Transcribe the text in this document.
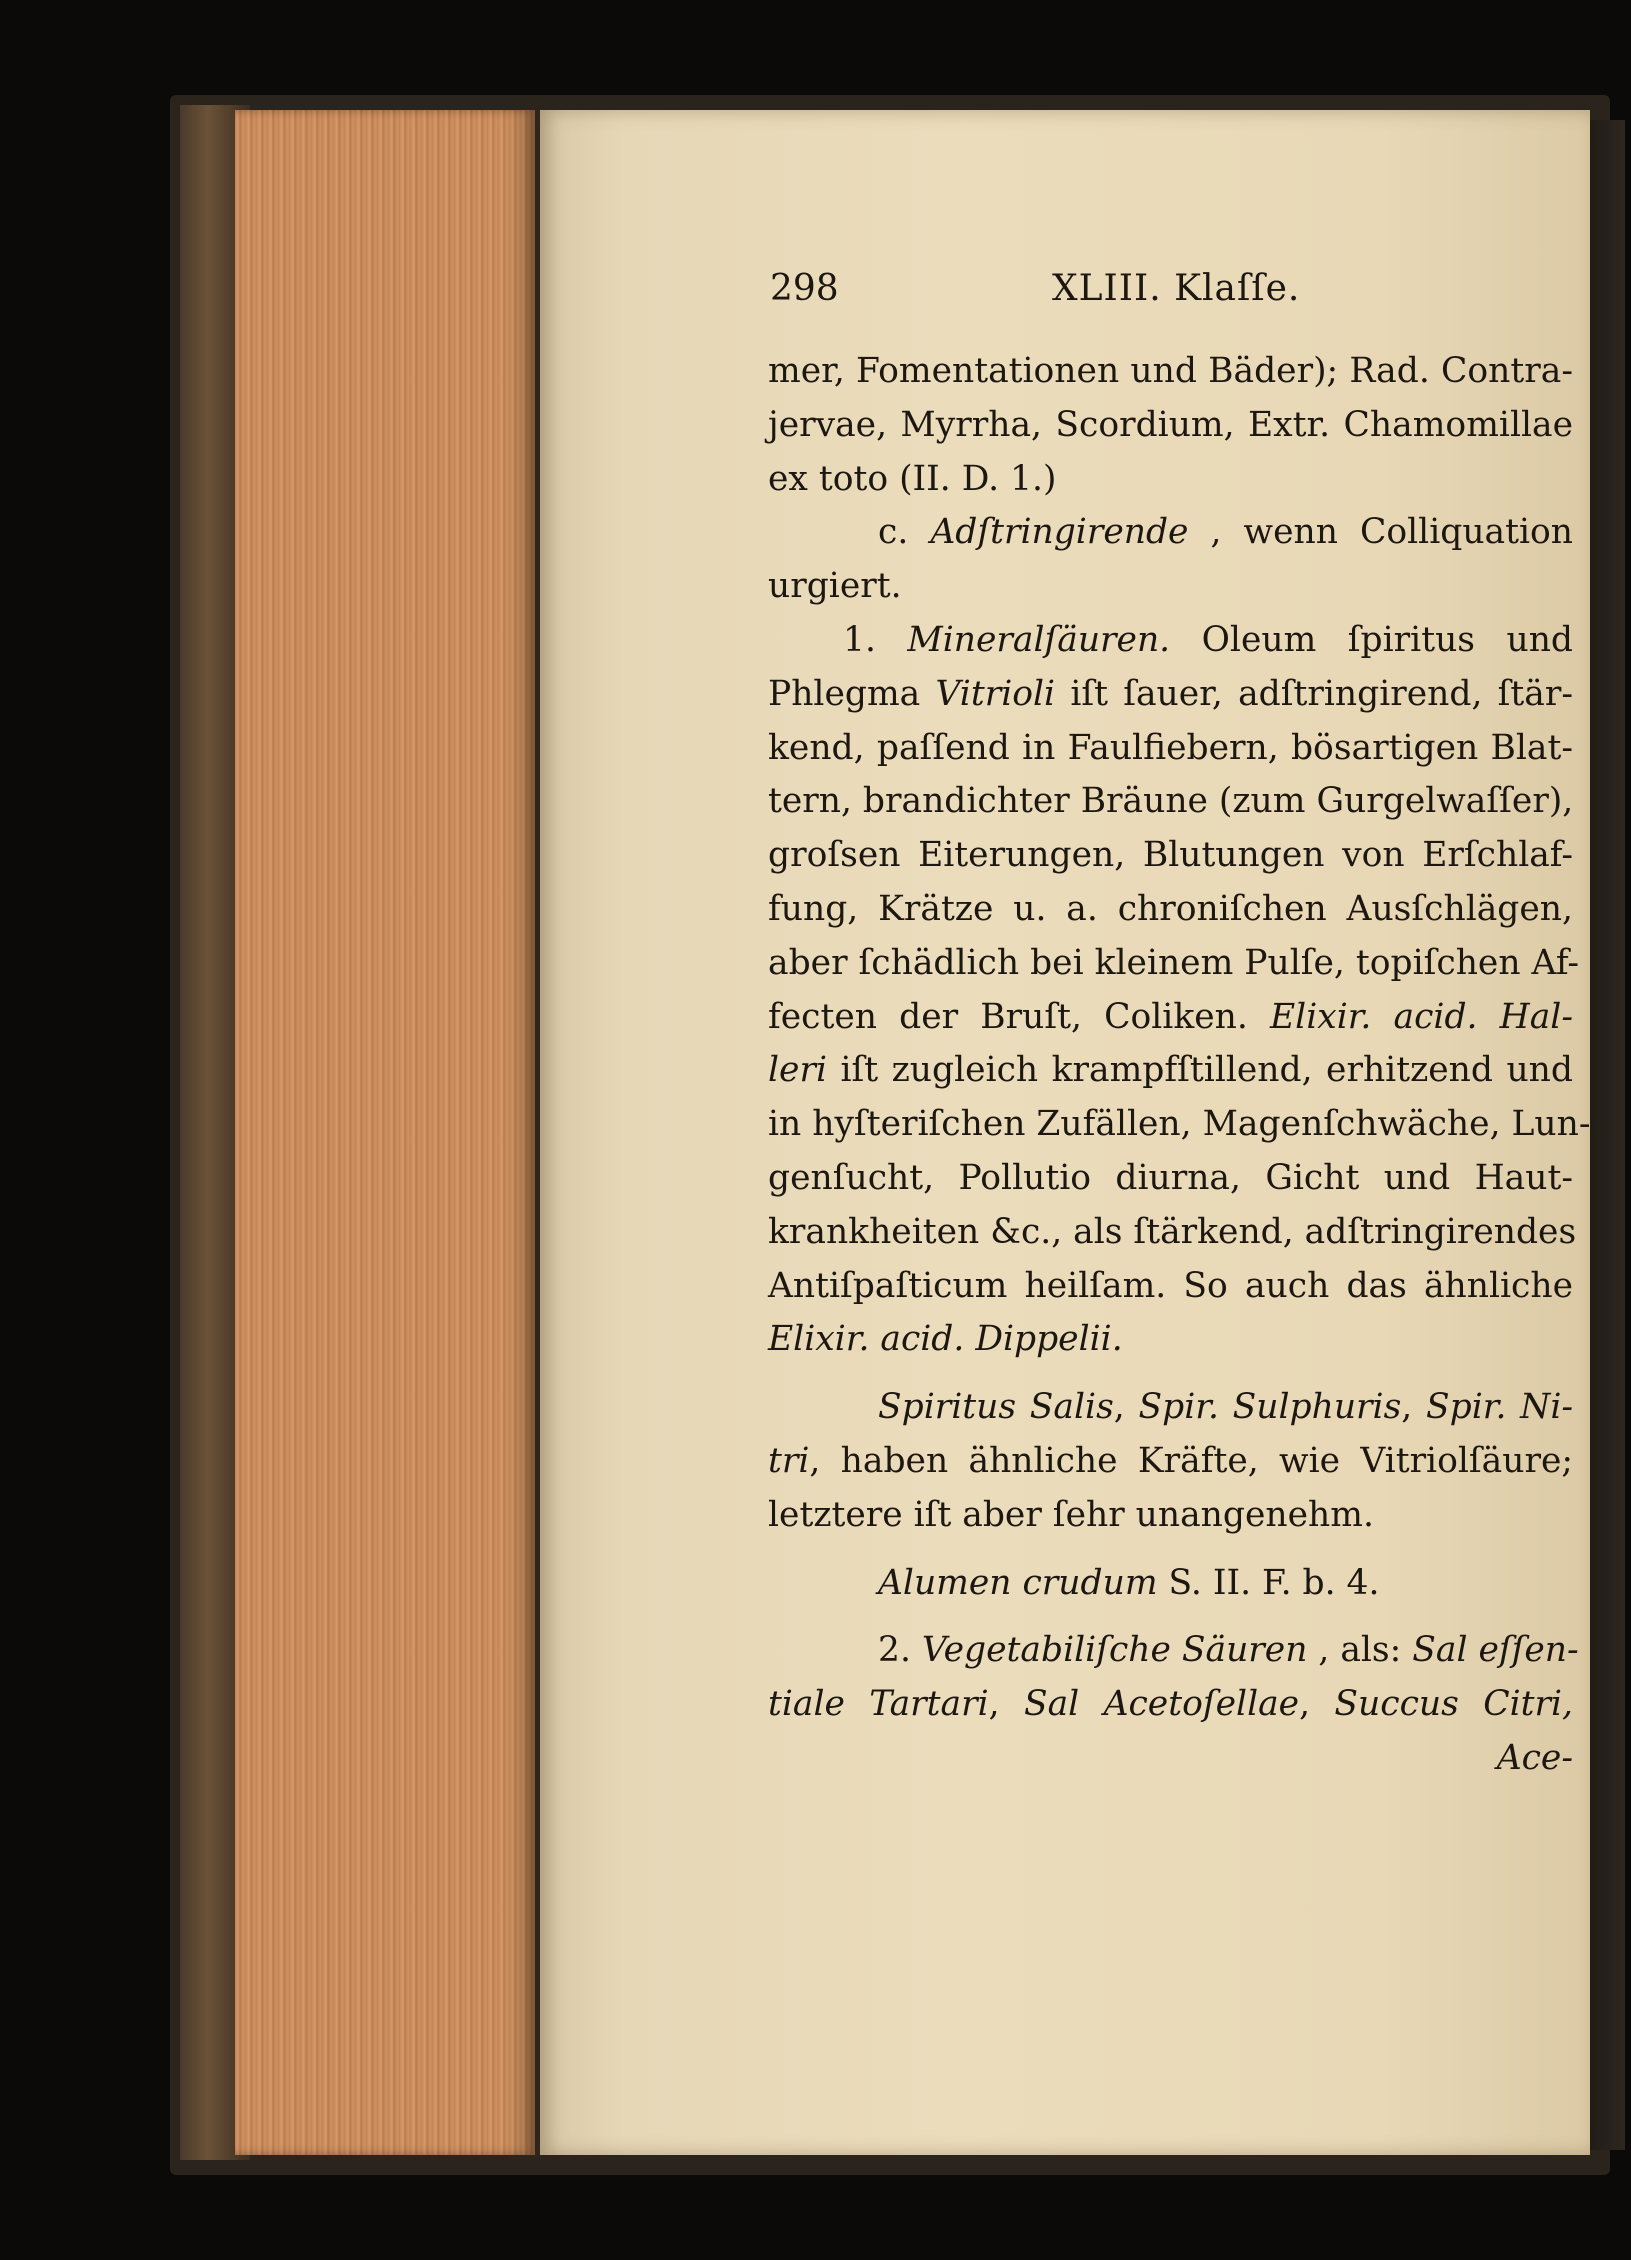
298	XLIII. Klaſſe.
mer, Fomentationen und Bäder); Rad. Contra-
jervae, Myrrha, Scordium, Extr. Chamomillae
ex toto (II. D. 1.)
c. Adſtringirende , wenn Colliquation
urgiert.
1. Mineralſäuren. Oleum ſpiritus und
Phlegma Vitrioli iſt ſauer, adſtringirend, ſtär-
kend, paſſend in Faulfiebern, bösartigen Blat-
tern, brandichter Bräune (zum Gurgelwaſſer),
groſsen Eiterungen, Blutungen von Erſchlaf-
fung, Krätze u. a. chroniſchen Ausſchlägen,
aber ſchädlich bei kleinem Pulſe, topiſchen Af-
fecten der Bruſt, Coliken. Elixir. acid. Hal-
leri iſt zugleich krampfſtillend, erhitzend und
in hyſteriſchen Zufällen, Magenſchwäche, Lun-
genſucht, Pollutio diurna, Gicht und Haut-
krankheiten &c., als ſtärkend, adſtringirendes
Antiſpaſticum heilſam. So auch das ähnliche
Elixir. acid. Dippelii.
Spiritus Salis, Spir. Sulphuris, Spir. Ni-
tri, haben ähnliche Kräfte, wie Vitriolſäure;
letztere iſt aber ſehr unangenehm.
Alumen crudum S. II. F. b. 4.
2. Vegetabiliſche Säuren , als: Sal eſſen-
tiale Tartari, Sal Acetoſellae, Succus Citri,
Ace-
